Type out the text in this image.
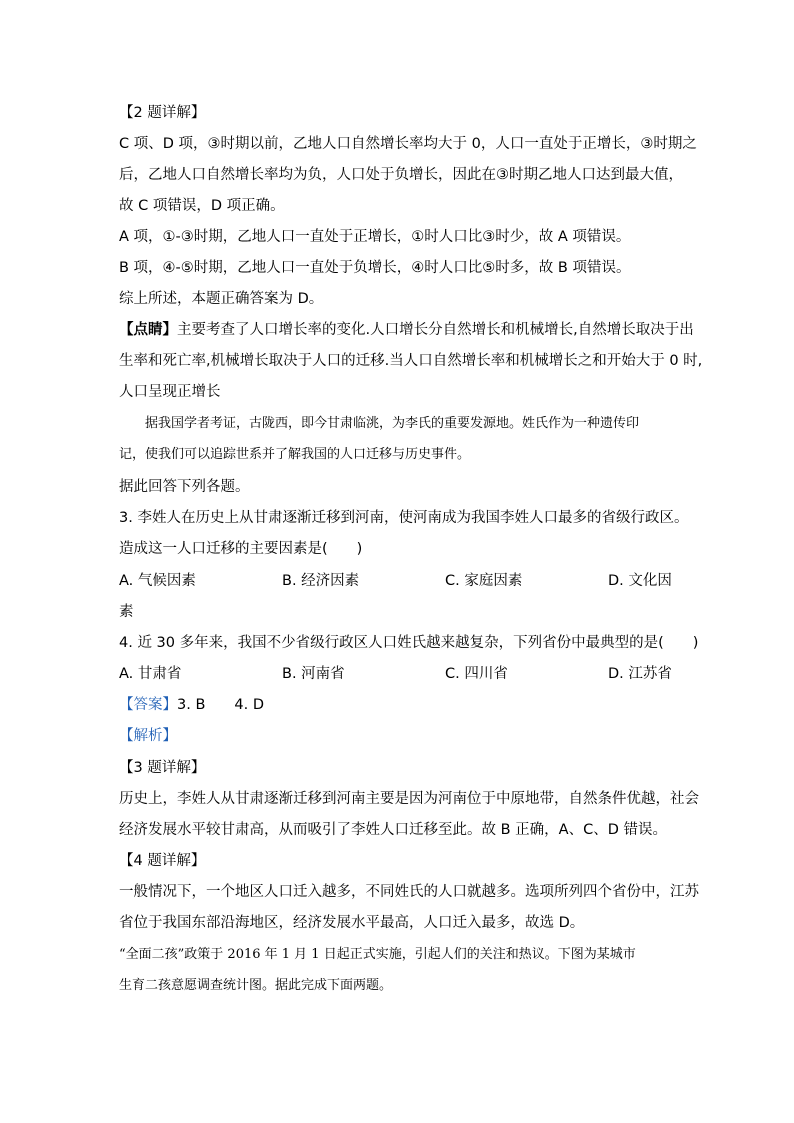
【2 题详解】
C 项、D 项，③时期以前，乙地人口自然增长率均大于 0，人口一直处于正增长，③时期之
后，乙地人口自然增长率均为负，人口处于负增长，因此在③时期乙地人口达到最大值，
故 C 项错误，D 项正确。
A 项，①-③时期，乙地人口一直处于正增长，①时人口比③时少，故 A 项错误。
B 项，④-⑤时期，乙地人口一直处于负增长，④时人口比⑤时多，故 B 项错误。
综上所述，本题正确答案为 D。
【点睛】主要考查了人口增长率的变化.人口增长分自然增长和机械增长,自然增长取决于出
生率和死亡率,机械增长取决于人口的迁移.当人口自然增长率和机械增长之和开始大于 0 时,
人口呈现正增长
据我国学者考证，古陇西，即今甘肃临洮，为李氏的重要发源地。姓氏作为一种遗传印
记，使我们可以追踪世系并了解我国的人口迁移与历史事件。
据此回答下列各题。
3. 李姓人在历史上从甘肃逐渐迁移到河南，使河南成为我国李姓人口最多的省级行政区。
造成这一人口迁移的主要因素是(　　)
A. 气候因素	B. 经济因素	C. 家庭因素	D. 文化因
素
4. 近 30 多年来，我国不少省级行政区人口姓氏越来越复杂，下列省份中最典型的是(　　)
A. 甘肃省	B. 河南省	C. 四川省	D. 江苏省
【答案】3. B　　4. D
【解析】
【3 题详解】
历史上，李姓人从甘肃逐渐迁移到河南主要是因为河南位于中原地带，自然条件优越，社会
经济发展水平较甘肃高，从而吸引了李姓人口迁移至此。故 B 正确，A、C、D 错误。
【4 题详解】
一般情况下，一个地区人口迁入越多，不同姓氏的人口就越多。选项所列四个省份中，江苏
省位于我国东部沿海地区，经济发展水平最高，人口迁入最多，故选 D。
“全面二孩”政策于 2016 年 1 月 1 日起正式实施，引起人们的关注和热议。下图为某城市
生育二孩意愿调查统计图。据此完成下面两题。
